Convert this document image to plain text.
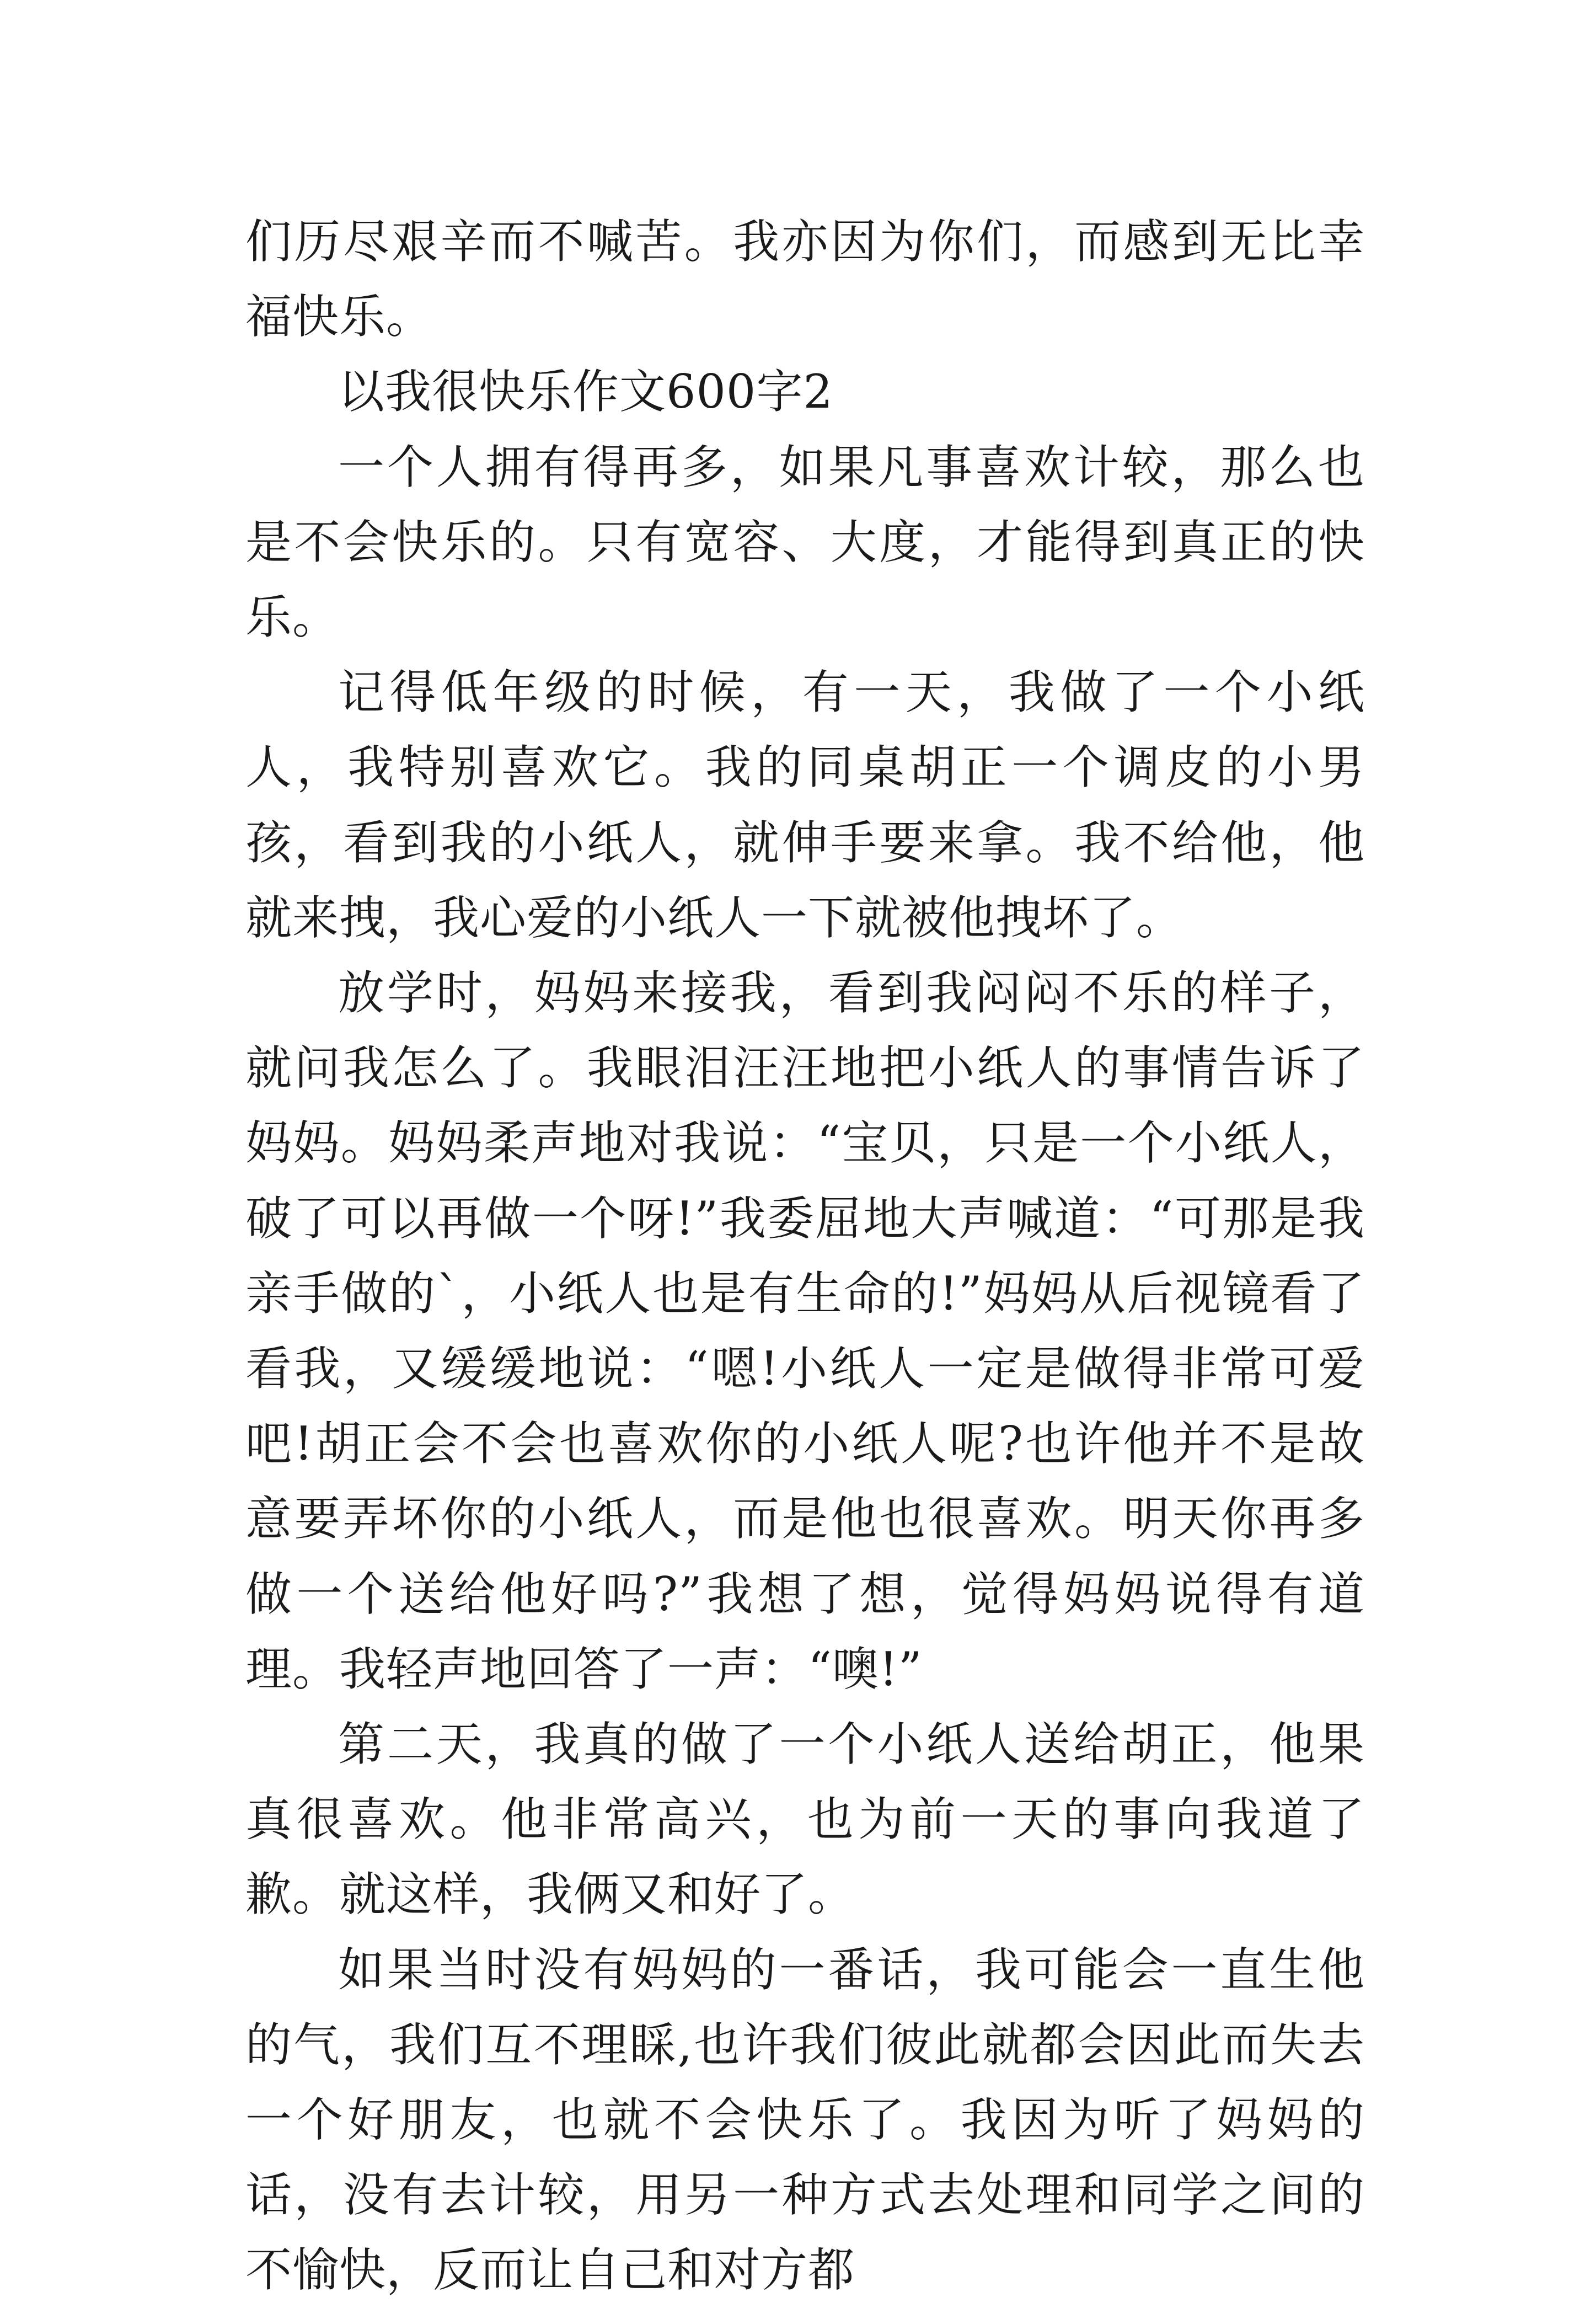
们历尽艰辛而不喊苦。我亦因为你们，而感到无比幸福快乐。

以我很快乐作文600字2

一个人拥有得再多，如果凡事喜欢计较，那么也是不会快乐的。只有宽容、大度，才能得到真正的快乐。

记得低年级的时候，有一天，我做了一个小纸人，我特别喜欢它。我的同桌胡正一个调皮的小男孩，看到我的小纸人，就伸手要来拿。我不给他，他就来拽，我心爱的小纸人一下就被他拽坏了。

放学时，妈妈来接我，看到我闷闷不乐的样子，就问我怎么了。我眼泪汪汪地把小纸人的事情告诉了妈妈。妈妈柔声地对我说：“宝贝，只是一个小纸人，破了可以再做一个呀!”我委屈地大声喊道：“可那是我亲手做的`，小纸人也是有生命的!”妈妈从后视镜看了看我，又缓缓地说：“嗯!小纸人一定是做得非常可爱吧!胡正会不会也喜欢你的小纸人呢?也许他并不是故意要弄坏你的小纸人，而是他也很喜欢。明天你再多做一个送给他好吗?”我想了想，觉得妈妈说得有道理。我轻声地回答了一声：“噢!”

第二天，我真的做了一个小纸人送给胡正，他果真很喜欢。他非常高兴，也为前一天的事向我道了歉。就这样，我俩又和好了。

如果当时没有妈妈的一番话，我可能会一直生他的气，我们互不理睬,也许我们彼此就都会因此而失去一个好朋友，也就不会快乐了。我因为听了妈妈的话，没有去计较，用另一种方式去处理和同学之间的不愉快，反而让自己和对方都
